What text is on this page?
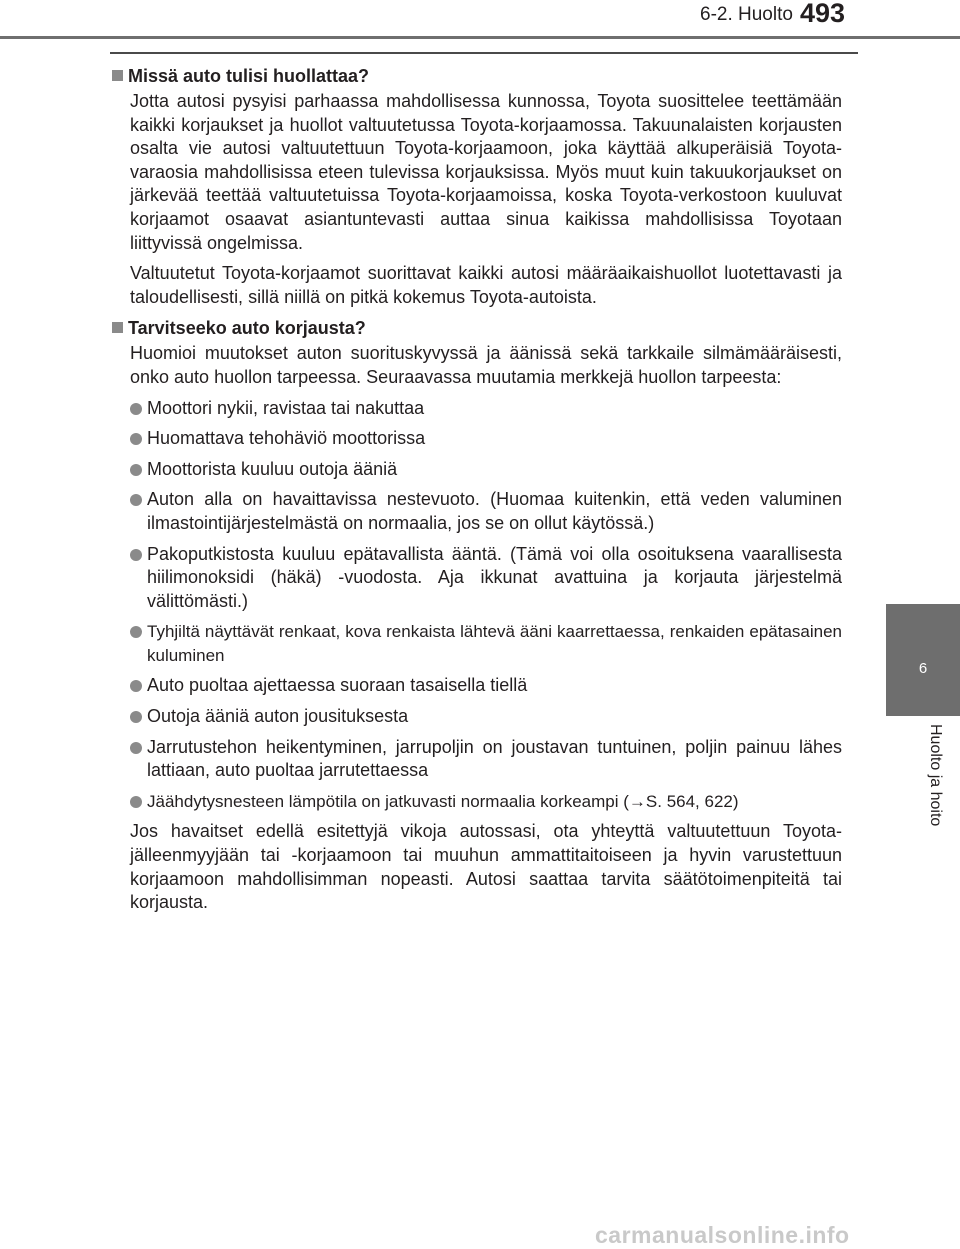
6-2. Huolto 493
6
Huolto ja hoito
Missä auto tulisi huollattaa?

Jotta autosi pysyisi parhaassa mahdollisessa kunnossa, Toyota suosittelee teettämään kaikki korjaukset ja huollot valtuutetussa Toyota-korjaamossa. Takuunalaisten korjausten osalta vie autosi valtuutettuun Toyota-korjaamoon, joka käyttää alkuperäisiä Toyota-varaosia mahdollisissa eteen tulevissa korjauksissa. Myös muut kuin takuukorjaukset on järkevää teettää valtuutetuissa Toyota-korjaamoissa, koska Toyota-verkostoon kuuluvat korjaamot osaavat asiantuntevasti auttaa sinua kaikissa mahdollisissa Toyotaan liittyvissä ongelmissa.

Valtuutetut Toyota-korjaamot suorittavat kaikki autosi määräaikaishuollot luotettavasti ja taloudellisesti, sillä niillä on pitkä kokemus Toyota-autoista.

Tarvitseeko auto korjausta?

Huomioi muutokset auton suorituskyvyssä ja äänissä sekä tarkkaile silmämääräisesti, onko auto huollon tarpeessa. Seuraavassa muutamia merkkejä huollon tarpeesta:

Moottori nykii, ravistaa tai nakuttaa
Huomattava tehohäviö moottorissa
Moottorista kuuluu outoja ääniä
Auton alla on havaittavissa nestevuoto. (Huomaa kuitenkin, että veden valuminen ilmastointijärjestelmästä on normaalia, jos se on ollut käytössä.)
Pakoputkistosta kuuluu epätavallista ääntä. (Tämä voi olla osoituksena vaarallisesta hiilimonoksidi (häkä) -vuodosta. Aja ikkunat avattuina ja korjauta järjestelmä välittömästi.)
Tyhjiltä näyttävät renkaat, kova renkaista lähtevä ääni kaarrettaessa, renkaiden epätasainen kuluminen
Auto puoltaa ajettaessa suoraan tasaisella tiellä
Outoja ääniä auton jousituksesta
Jarrutustehon heikentyminen, jarrupoljin on joustavan tuntuinen, poljin painuu lähes lattiaan, auto puoltaa jarrutettaessa
Jäähdytysnesteen lämpötila on jatkuvasti normaalia korkeampi (→S. 564, 622)

Jos havaitset edellä esitettyjä vikoja autossasi, ota yhteyttä valtuutettuun Toyota-jälleenmyyjään tai -korjaamoon tai muuhun ammattitaitoiseen ja hyvin varustettuun korjaamoon mahdollisimman nopeasti. Autosi saattaa tarvita säätötoimenpiteitä tai korjausta.

carmanualsonline.info
